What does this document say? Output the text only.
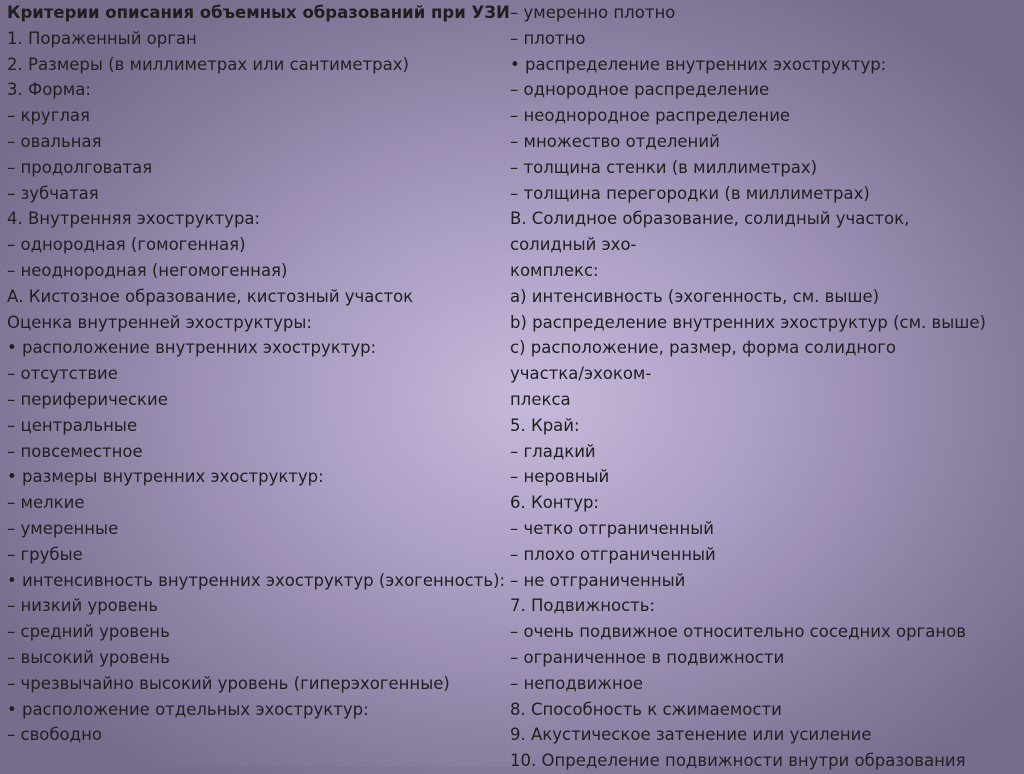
Критерии описания объемных образований при УЗИ
1. Пораженный орган
2. Размеры (в миллиметрах или сантиметрах)
3. Форма:
– круглая
– овальная
– продолговатая
– зубчатая
4. Внутренняя эхоструктура:
– однородная (гомогенная)
– неоднородная (негомогенная)
А. Кистозное образование, кистозный участок
Оценка внутренней эхоструктуры:
• расположение внутренних эхоструктур:
– отсутствие
– периферические
– центральные
– повсеместное
• размеры внутренних эхоструктур:
– мелкие
– умеренные
– грубые
• интенсивность внутренних эхоструктур (эхогенность):
– низкий уровень
– средний уровень
– высокий уровень
– чрезвычайно высокий уровень (гиперэхогенные)
• расположение отдельных эхоструктур:
– свободно
– умеренно плотно
– плотно
• распределение внутренних эхоструктур:
– однородное распределение
– неоднородное распределение
– множество отделений
– толщина стенки (в миллиметрах)
– толщина перегородки (в миллиметрах)
В. Солидное образование, солидный участок,
солидный эхо-
комплекс:
a) интенсивность (эхогенность, см. выше)
b) распределение внутренних эхоструктур (см. выше)
c) расположение, размер, форма солидного
участка/эхоком-
плекса
5. Край:
– гладкий
– неровный
6. Контур:
– четко отграниченный
– плохо отграниченный
– не отграниченный
7. Подвижность:
– очень подвижное относительно соседних органов
– ограниченное в подвижности
– неподвижное
8. Способность к сжимаемости
9. Акустическое затенение или усиление
10. Определение подвижности внутри образования
